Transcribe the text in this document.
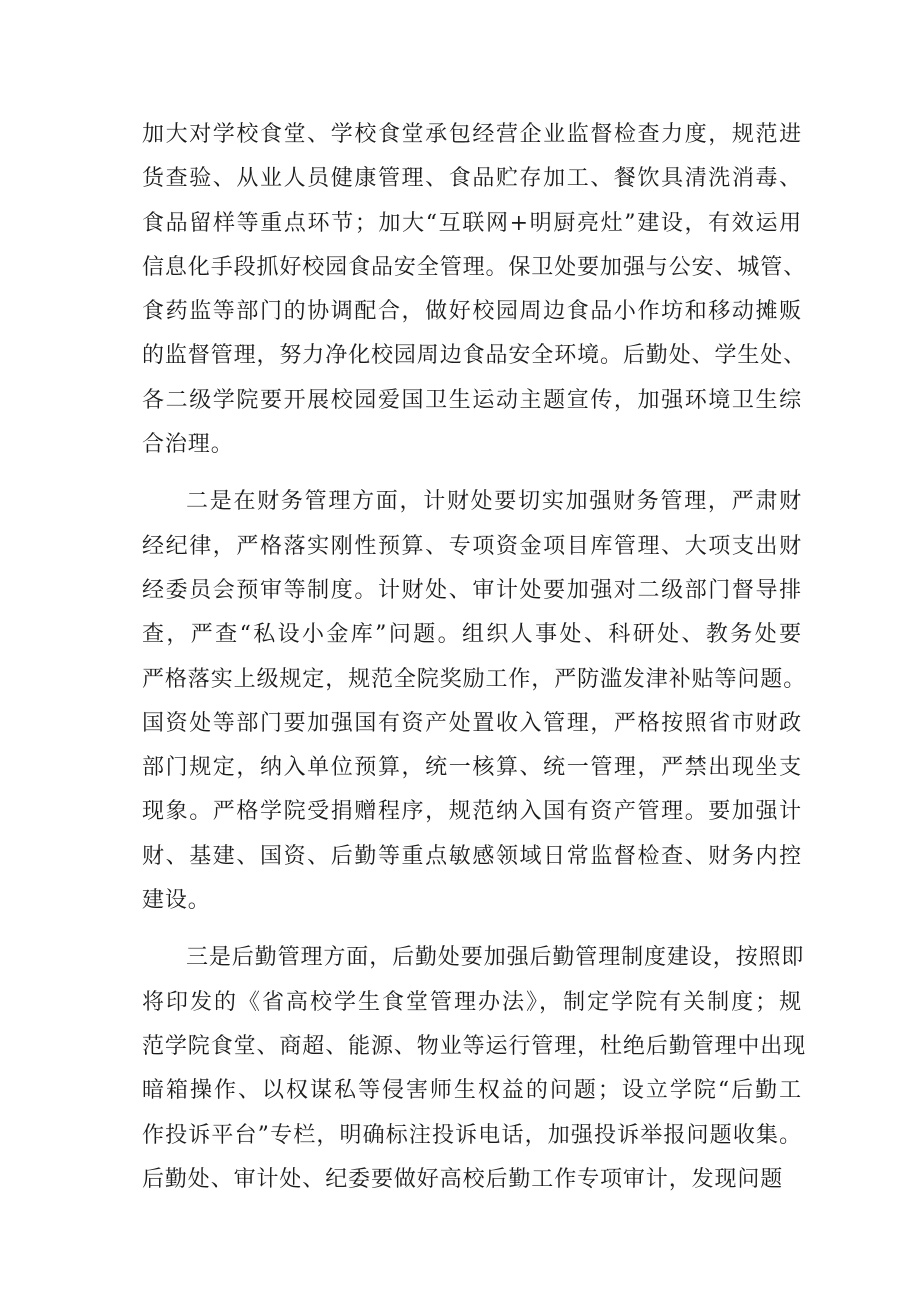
加大对学校食堂、学校食堂承包经营企业监督检查力度，规范进
货查验、从业人员健康管理、食品贮存加工、餐饮具清洗消毒、
食品留样等重点环节；加大“互联网+明厨亮灶”建设，有效运用
信息化手段抓好校园食品安全管理。保卫处要加强与公安、城管、
食药监等部门的协调配合，做好校园周边食品小作坊和移动摊贩
的监督管理，努力净化校园周边食品安全环境。后勤处、学生处、
各二级学院要开展校园爱国卫生运动主题宣传，加强环境卫生综
合治理。
二是在财务管理方面，计财处要切实加强财务管理，严肃财
经纪律，严格落实刚性预算、专项资金项目库管理、大项支出财
经委员会预审等制度。计财处、审计处要加强对二级部门督导排
查，严查“私设小金库”问题。组织人事处、科研处、教务处要
严格落实上级规定，规范全院奖励工作，严防滥发津补贴等问题。
国资处等部门要加强国有资产处置收入管理，严格按照省市财政
部门规定，纳入单位预算，统一核算、统一管理，严禁出现坐支
现象。严格学院受捐赠程序，规范纳入国有资产管理。要加强计
财、基建、国资、后勤等重点敏感领域日常监督检查、财务内控
建设。
三是后勤管理方面，后勤处要加强后勤管理制度建设，按照即
将印发的《省高校学生食堂管理办法》，制定学院有关制度；规
范学院食堂、商超、能源、物业等运行管理，杜绝后勤管理中出现
暗箱操作、以权谋私等侵害师生权益的问题；设立学院“后勤工
作投诉平台”专栏，明确标注投诉电话，加强投诉举报问题收集。
后勤处、审计处、纪委要做好高校后勤工作专项审计，发现问题
